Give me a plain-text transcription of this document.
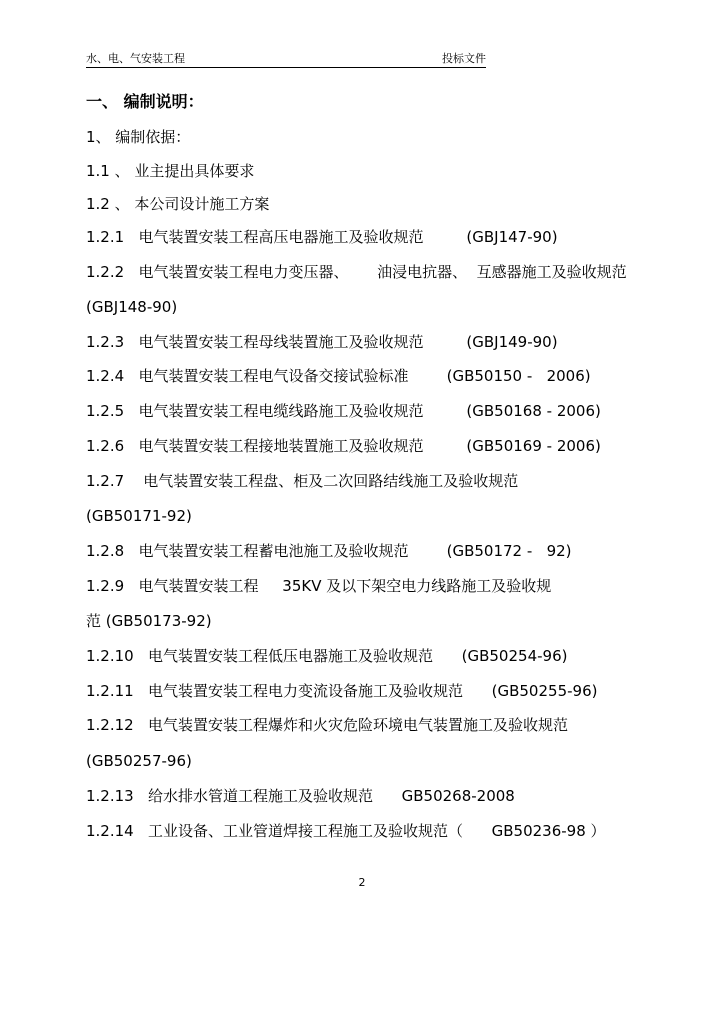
水、电、气安装工程	投标文件
一、 编制说明：
1、 编制依据：
1.1 、 业主提出具体要求
1.2 、 本公司设计施工方案
1.2.1   电气装置安装工程高压电器施工及验收规范         (GBJ147-90)
1.2.2   电气装置安装工程电力变压器、      油浸电抗器、  互感器施工及验收规范
(GBJ148-90)
1.2.3   电气装置安装工程母线装置施工及验收规范         (GBJ149-90)
1.2.4   电气装置安装工程电气设备交接试验标准        (GB50150 -   2006)
1.2.5   电气装置安装工程电缆线路施工及验收规范         (GB50168 - 2006)
1.2.6   电气装置安装工程接地装置施工及验收规范         (GB50169 - 2006)
1.2.7    电气装置安装工程盘、柜及二次回路结线施工及验收规范
(GB50171-92)
1.2.8   电气装置安装工程蓄电池施工及验收规范        (GB50172 -   92)
1.2.9   电气装置安装工程     35KV 及以下架空电力线路施工及验收规
范 (GB50173-92)
1.2.10   电气装置安装工程低压电器施工及验收规范      (GB50254-96)
1.2.11   电气装置安装工程电力变流设备施工及验收规范      (GB50255-96)
1.2.12   电气装置安装工程爆炸和火灾危险环境电气装置施工及验收规范
(GB50257-96)
1.2.13   给水排水管道工程施工及验收规范      GB50268-2008
1.2.14   工业设备、工业管道焊接工程施工及验收规范（      GB50236-98 ）
2
